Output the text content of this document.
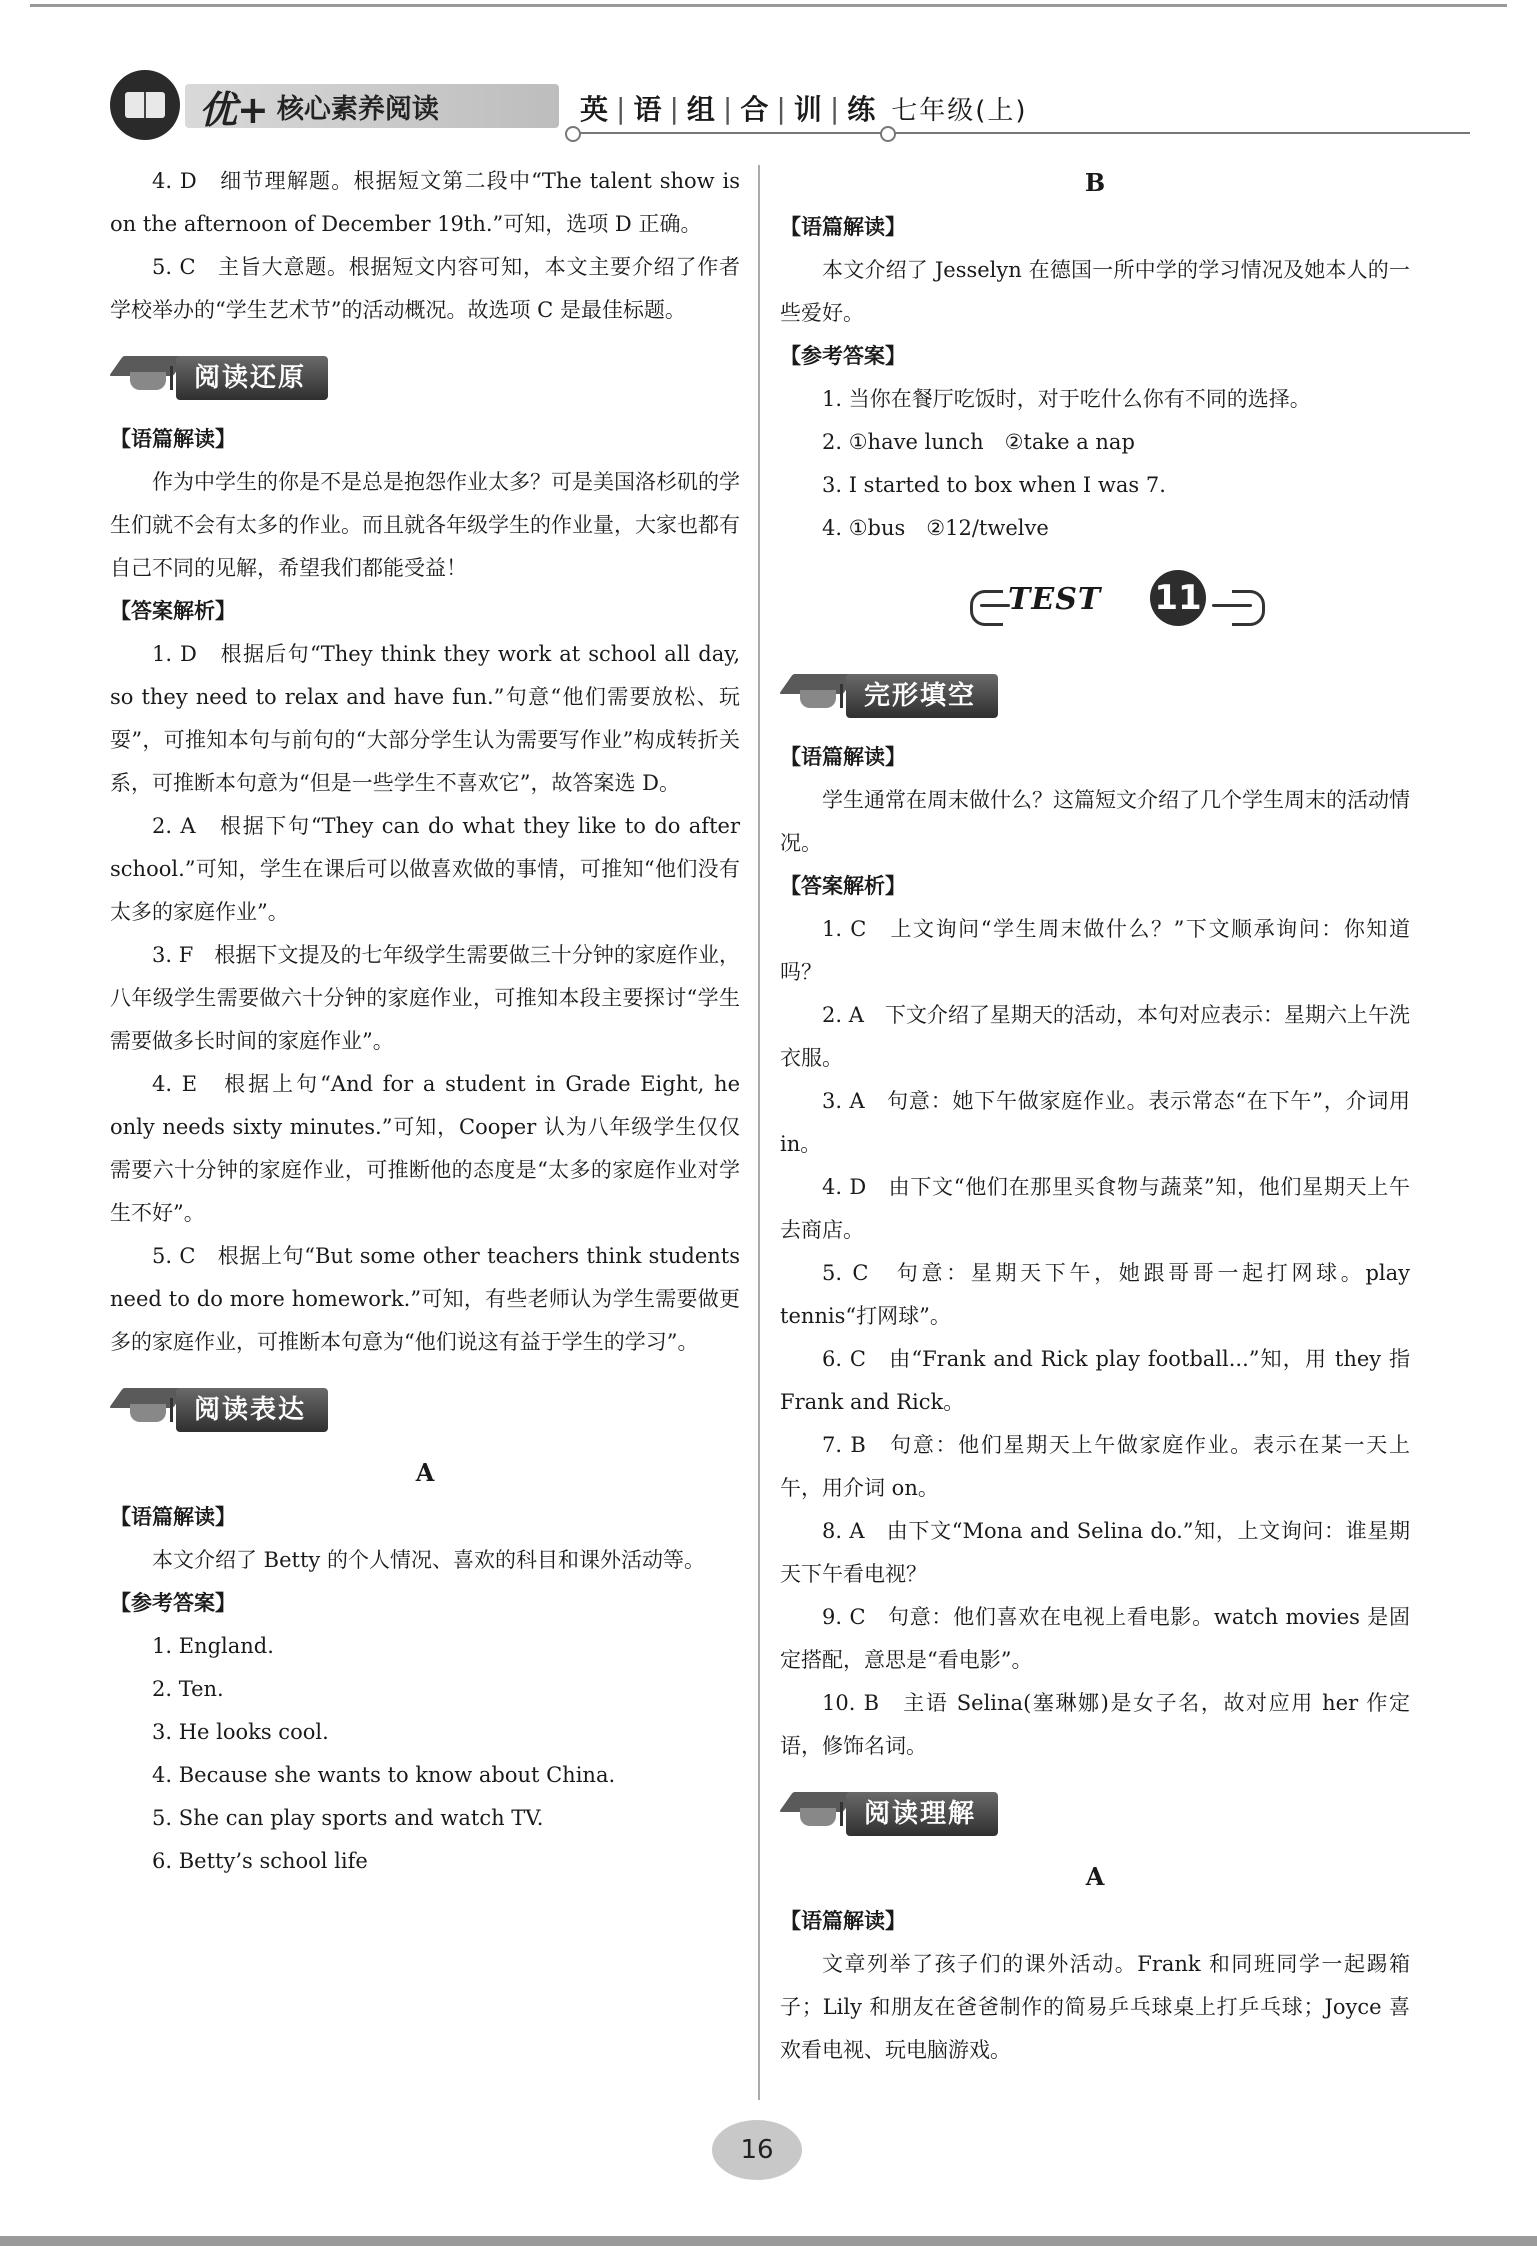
优+ 核心素养阅读	英 | 语 | 组 | 合 | 训 | 练 七年级(上)

4. D　细节理解题。根据短文第二段中“The talent show is on the afternoon of December 19th.”可知，选项 D 正确。

5. C　主旨大意题。根据短文内容可知，本文主要介绍了作者学校举办的“学生艺术节”的活动概况。故选项 C 是最佳标题。

阅读还原
【语篇解读】

作为中学生的你是不是总是抱怨作业太多？可是美国洛杉矶的学生们就不会有太多的作业。而且就各年级学生的作业量，大家也都有自己不同的见解，希望我们都能受益！

【答案解析】

1. D　根据后句“They think they work at school all day, so they need to relax and have fun.”句意“他们需要放松、玩耍”，可推知本句与前句的“大部分学生认为需要写作业”构成转折关系，可推断本句意为“但是一些学生不喜欢它”，故答案选 D。

2. A　根据下句“They can do what they like to do after school.”可知，学生在课后可以做喜欢做的事情，可推知“他们没有太多的家庭作业”。

3. F　根据下文提及的七年级学生需要做三十分钟的家庭作业，八年级学生需要做六十分钟的家庭作业，可推知本段主要探讨“学生需要做多长时间的家庭作业”。

4. E　根据上句“And for a student in Grade Eight, he only needs sixty minutes.”可知，Cooper 认为八年级学生仅仅需要六十分钟的家庭作业，可推断他的态度是“太多的家庭作业对学生不好”。

5. C　根据上句“But some other teachers think students need to do more homework.”可知，有些老师认为学生需要做更多的家庭作业，可推断本句意为“他们说这有益于学生的学习”。

阅读表达
A
【语篇解读】

本文介绍了 Betty 的个人情况、喜欢的科目和课外活动等。

【参考答案】

1. England.

2. Ten.

3. He looks cool.

4. Because she wants to know about China.

5. She can play sports and watch TV.

6. Betty’s school life

B
【语篇解读】

本文介绍了 Jesselyn 在德国一所中学的学习情况及她本人的一些爱好。

【参考答案】

1. 当你在餐厅吃饭时，对于吃什么你有不同的选择。

2. ①have lunch　②take a nap

3. I started to box when I was 7.

4. ①bus　②12/twelve

TEST 11
完形填空
【语篇解读】

学生通常在周末做什么？这篇短文介绍了几个学生周末的活动情况。

【答案解析】

1. C　上文询问“学生周末做什么？”下文顺承询问：你知道吗？

2. A　下文介绍了星期天的活动，本句对应表示：星期六上午洗衣服。

3. A　句意：她下午做家庭作业。表示常态“在下午”，介词用 in。

4. D　由下文“他们在那里买食物与蔬菜”知，他们星期天上午去商店。

5. C　句意：星期天下午，她跟哥哥一起打网球。play tennis“打网球”。

6. C　由“Frank and Rick play football...”知，用 they 指 Frank and Rick。

7. B　句意：他们星期天上午做家庭作业。表示在某一天上午，用介词 on。

8. A　由下文“Mona and Selina do.”知，上文询问：谁星期天下午看电视？

9. C　句意：他们喜欢在电视上看电影。watch movies 是固定搭配，意思是“看电影”。

10. B　主语 Selina(塞琳娜)是女子名，故对应用 her 作定语，修饰名词。

阅读理解
A
【语篇解读】

文章列举了孩子们的课外活动。Frank 和同班同学一起踢箱子；Lily 和朋友在爸爸制作的简易乒乓球桌上打乒乓球；Joyce 喜欢看电视、玩电脑游戏。

16
